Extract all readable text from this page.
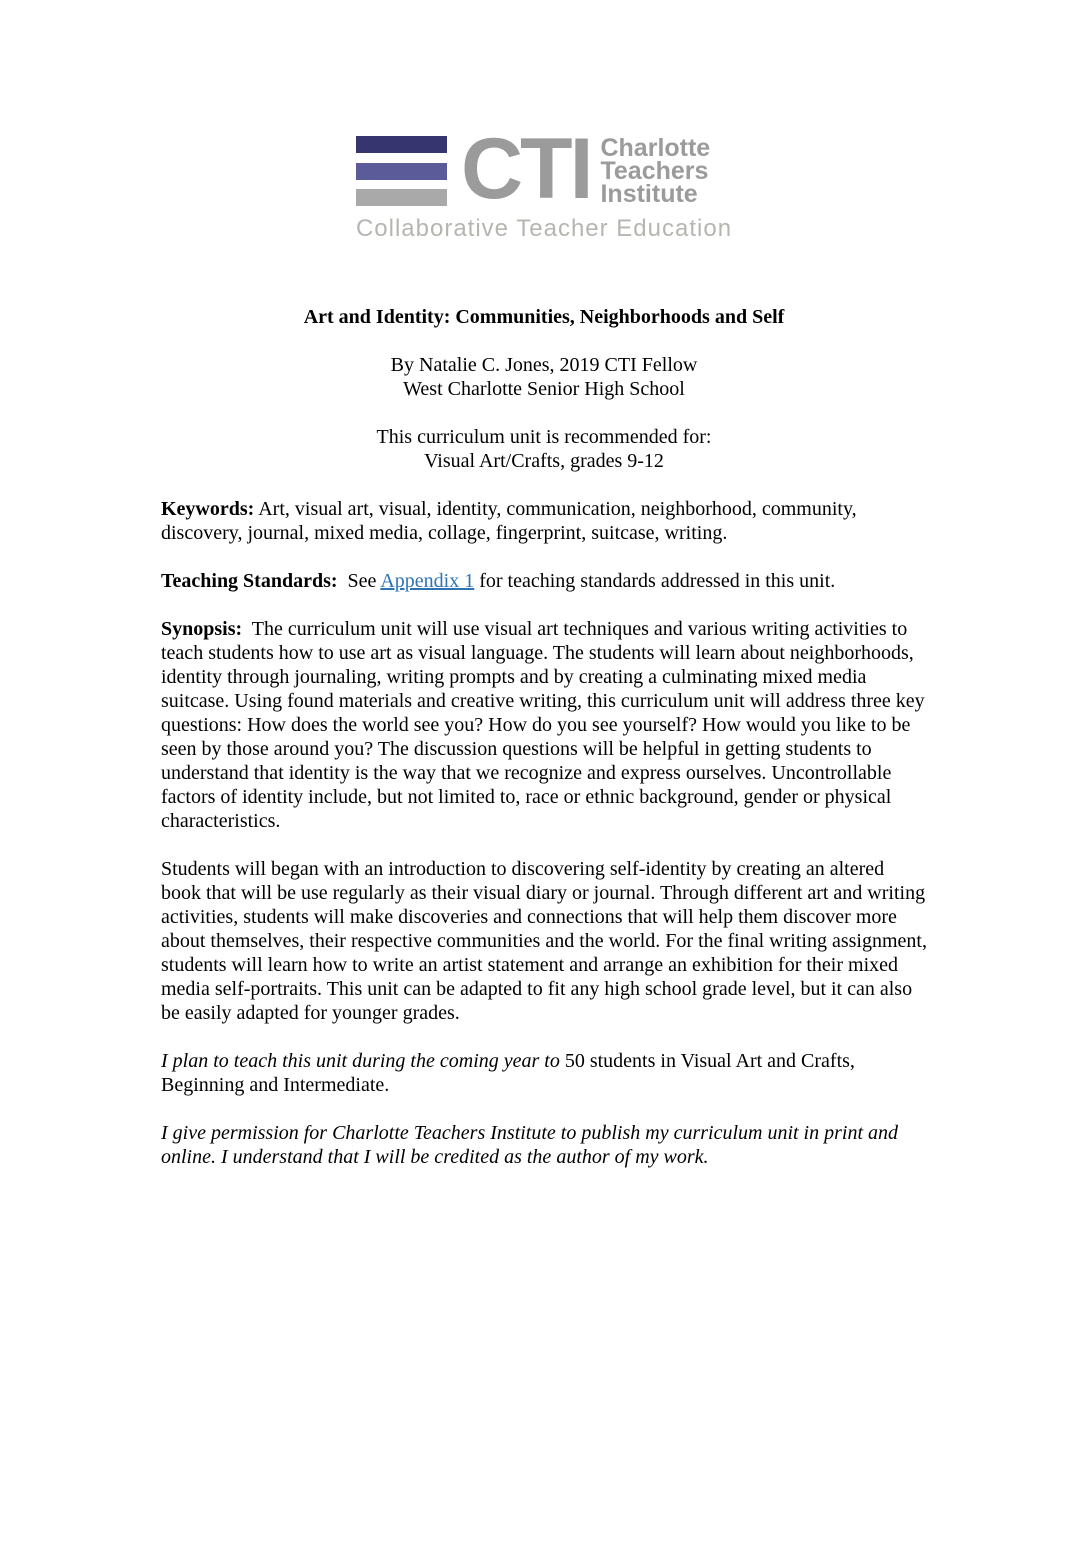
CTI Charlotte
Teachers
Institute
Collaborative Teacher Education
Art and Identity: Communities, Neighborhoods and Self
By Natalie C. Jones, 2019 CTI Fellow
West Charlotte Senior High School
This curriculum unit is recommended for:
Visual Art/Crafts, grades 9-12

Keywords: Art, visual art, visual, identity, communication, neighborhood, community, discovery, journal, mixed media, collage, fingerprint, suitcase, writing.

Teaching Standards: See Appendix 1 for teaching standards addressed in this unit.

Synopsis: The curriculum unit will use visual art techniques and various writing activities to teach students how to use art as visual language. The students will learn about neighborhoods, identity through journaling, writing prompts and by creating a culminating mixed media suitcase. Using found materials and creative writing, this curriculum unit will address three key questions: How does the world see you? How do you see yourself? How would you like to be seen by those around you? The discussion questions will be helpful in getting students to understand that identity is the way that we recognize and express ourselves. Uncontrollable factors of identity include, but not limited to, race or ethnic background, gender or physical characteristics.

Students will began with an introduction to discovering self-identity by creating an altered book that will be use regularly as their visual diary or journal. Through different art and writing activities, students will make discoveries and connections that will help them discover more about themselves, their respective communities and the world. For the final writing assignment, students will learn how to write an artist statement and arrange an exhibition for their mixed media self-portraits. This unit can be adapted to fit any high school grade level, but it can also be easily adapted for younger grades.

I plan to teach this unit during the coming year to 50 students in Visual Art and Crafts, Beginning and Intermediate.

I give permission for Charlotte Teachers Institute to publish my curriculum unit in print and online. I understand that I will be credited as the author of my work.
